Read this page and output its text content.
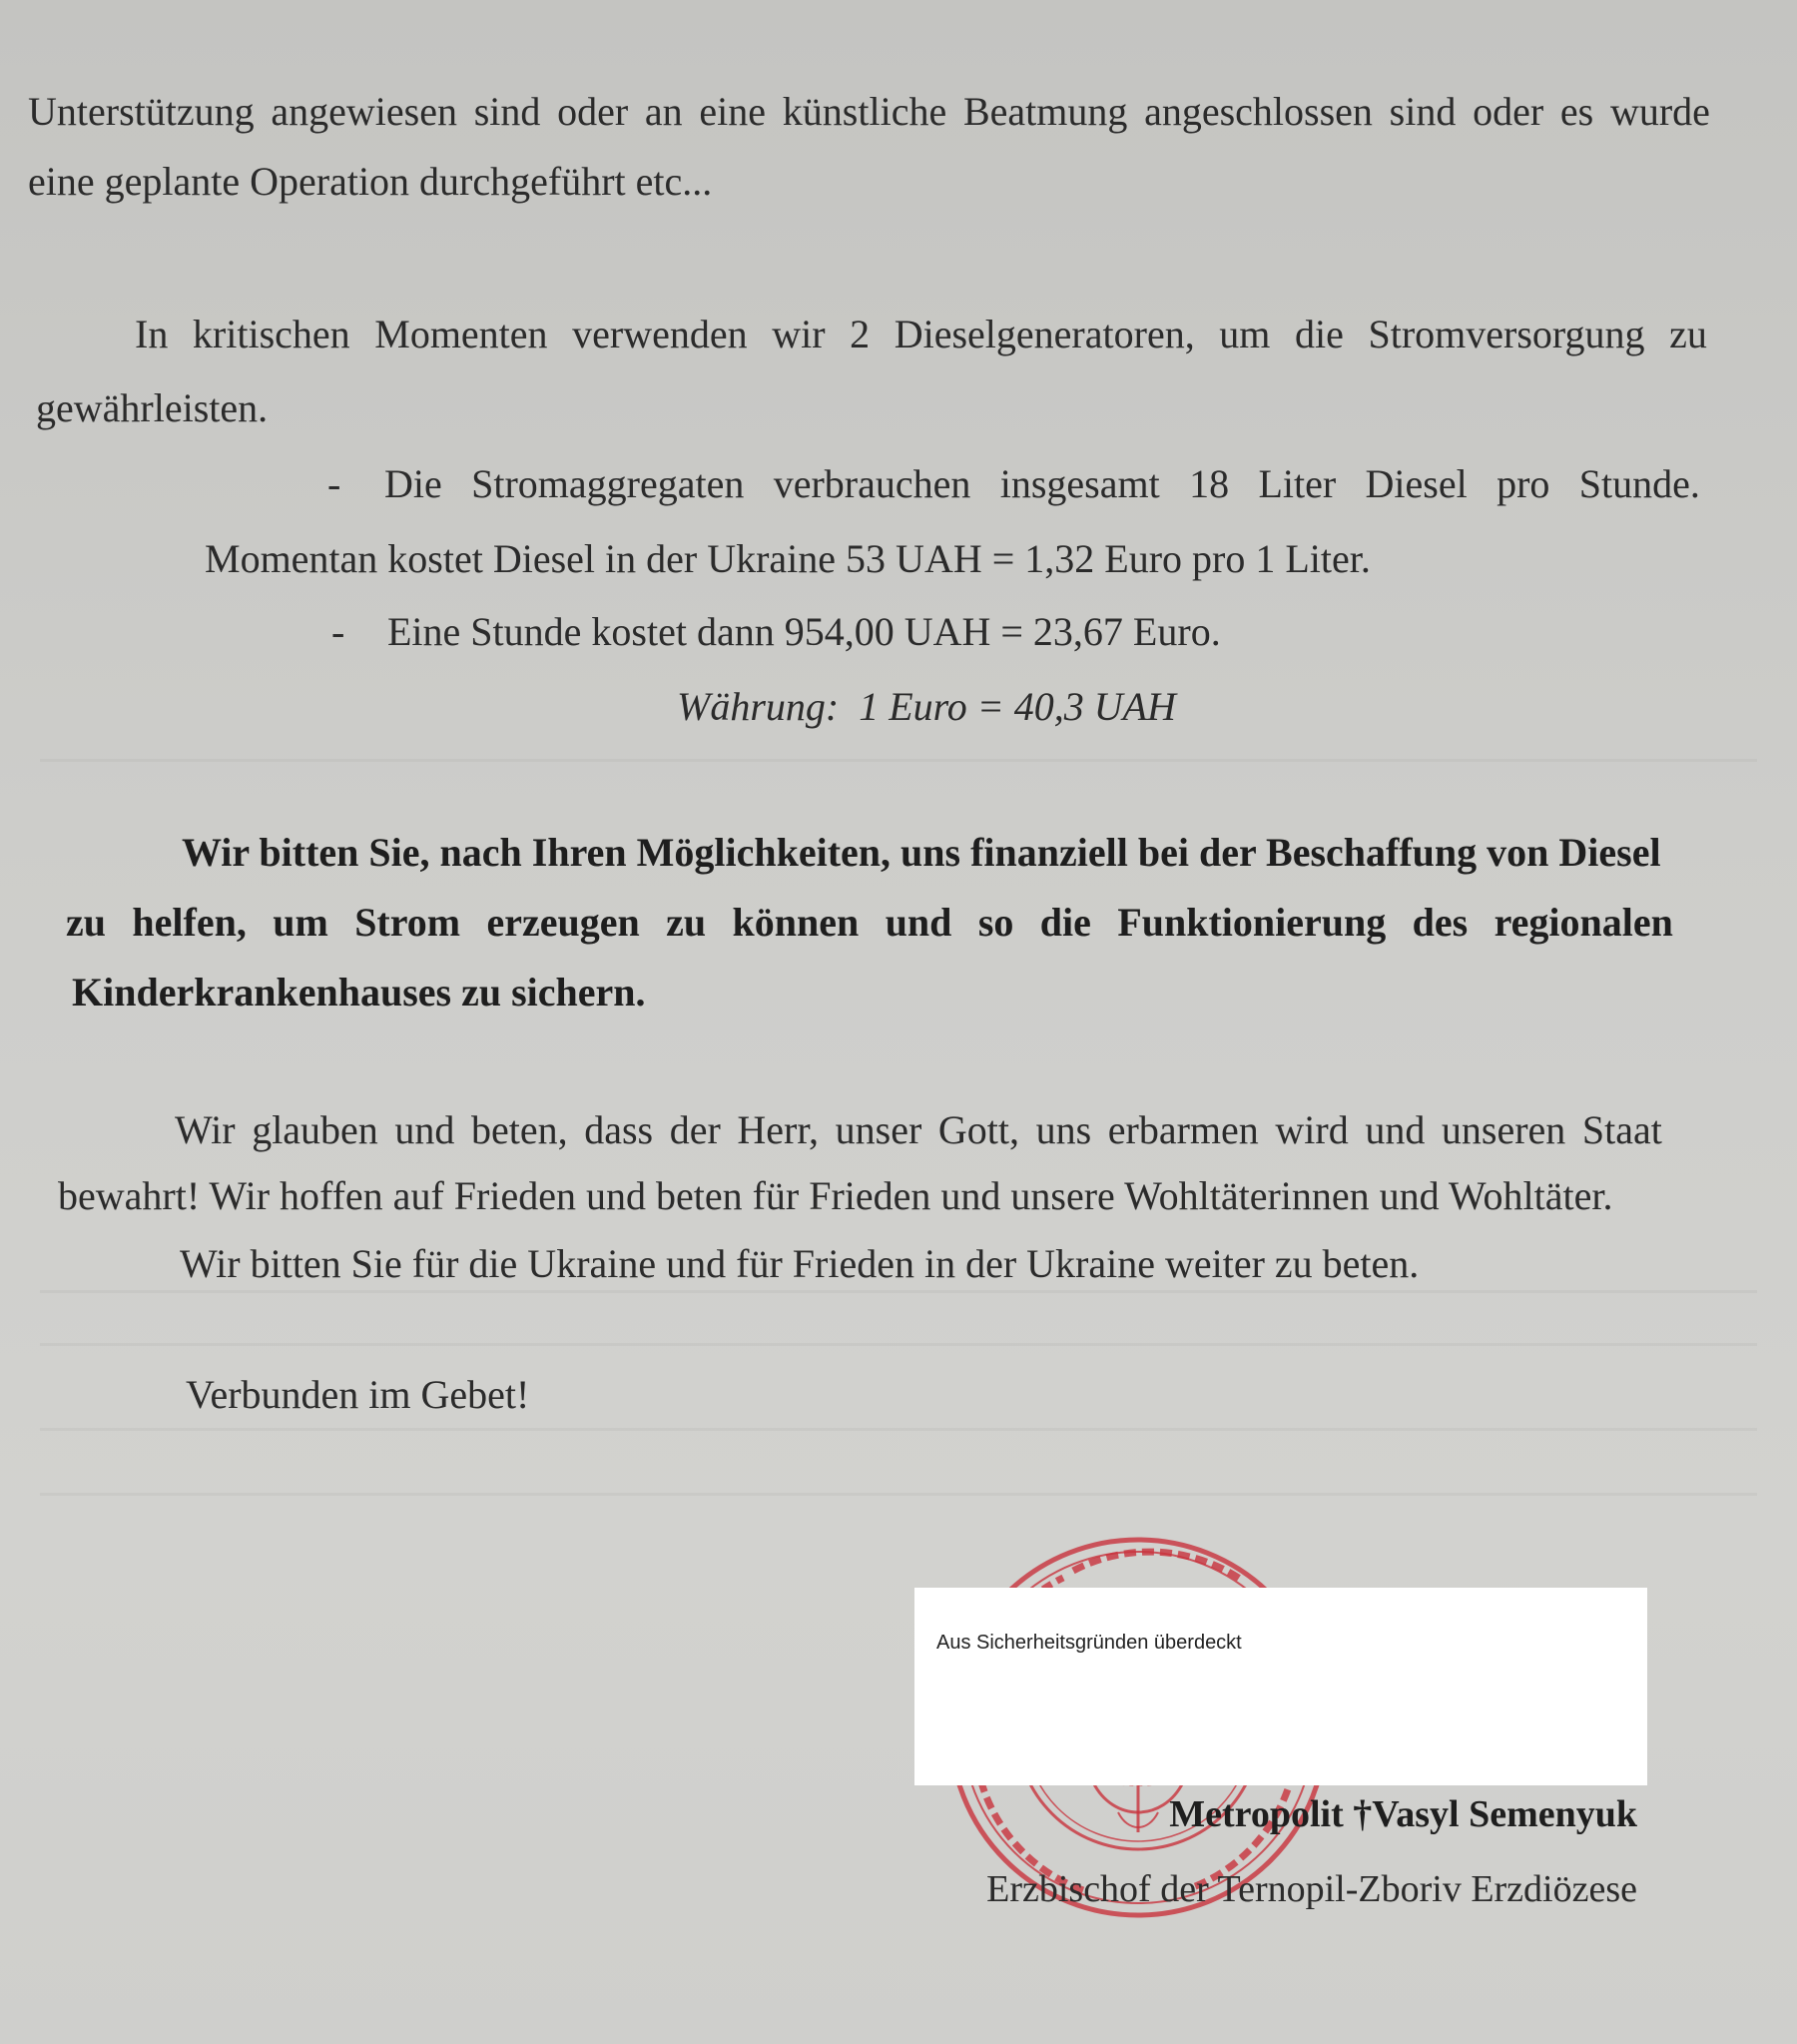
Unterstützung angewiesen sind oder an eine künstliche Beatmung angeschlossen sind oder es wurde
eine geplante Operation durchgeführt etc...
In kritischen Momenten verwenden wir 2 Dieselgeneratoren, um die Stromversorgung zu
gewährleisten.
- Die Stromaggregaten verbrauchen insgesamt 18 Liter Diesel pro Stunde.
Momentan kostet Diesel in der Ukraine 53 UAH = 1,32 Euro pro 1 Liter.
- Eine Stunde kostet dann 954,00 UAH = 23,67 Euro.
Währung:  1 Euro = 40,3 UAH
Wir bitten Sie, nach Ihren Möglichkeiten, uns finanziell bei der Beschaffung von Diesel
zu helfen, um Strom erzeugen zu können und so die Funktionierung des regionalen
Kinderkrankenhauses zu sichern.
Wir glauben und beten, dass der Herr, unser Gott, uns erbarmen wird und unseren Staat
bewahrt! Wir hoffen auf Frieden und beten für Frieden und unsere Wohltäterinnen und Wohltäter.
Wir bitten Sie für die Ukraine und für Frieden in der Ukraine weiter zu beten.
Verbunden im Gebet!
Aus Sicherheitsgründen überdeckt
Metropolit †Vasyl Semenyuk
Erzbischof der Ternopil-Zboriv Erzdiözese
